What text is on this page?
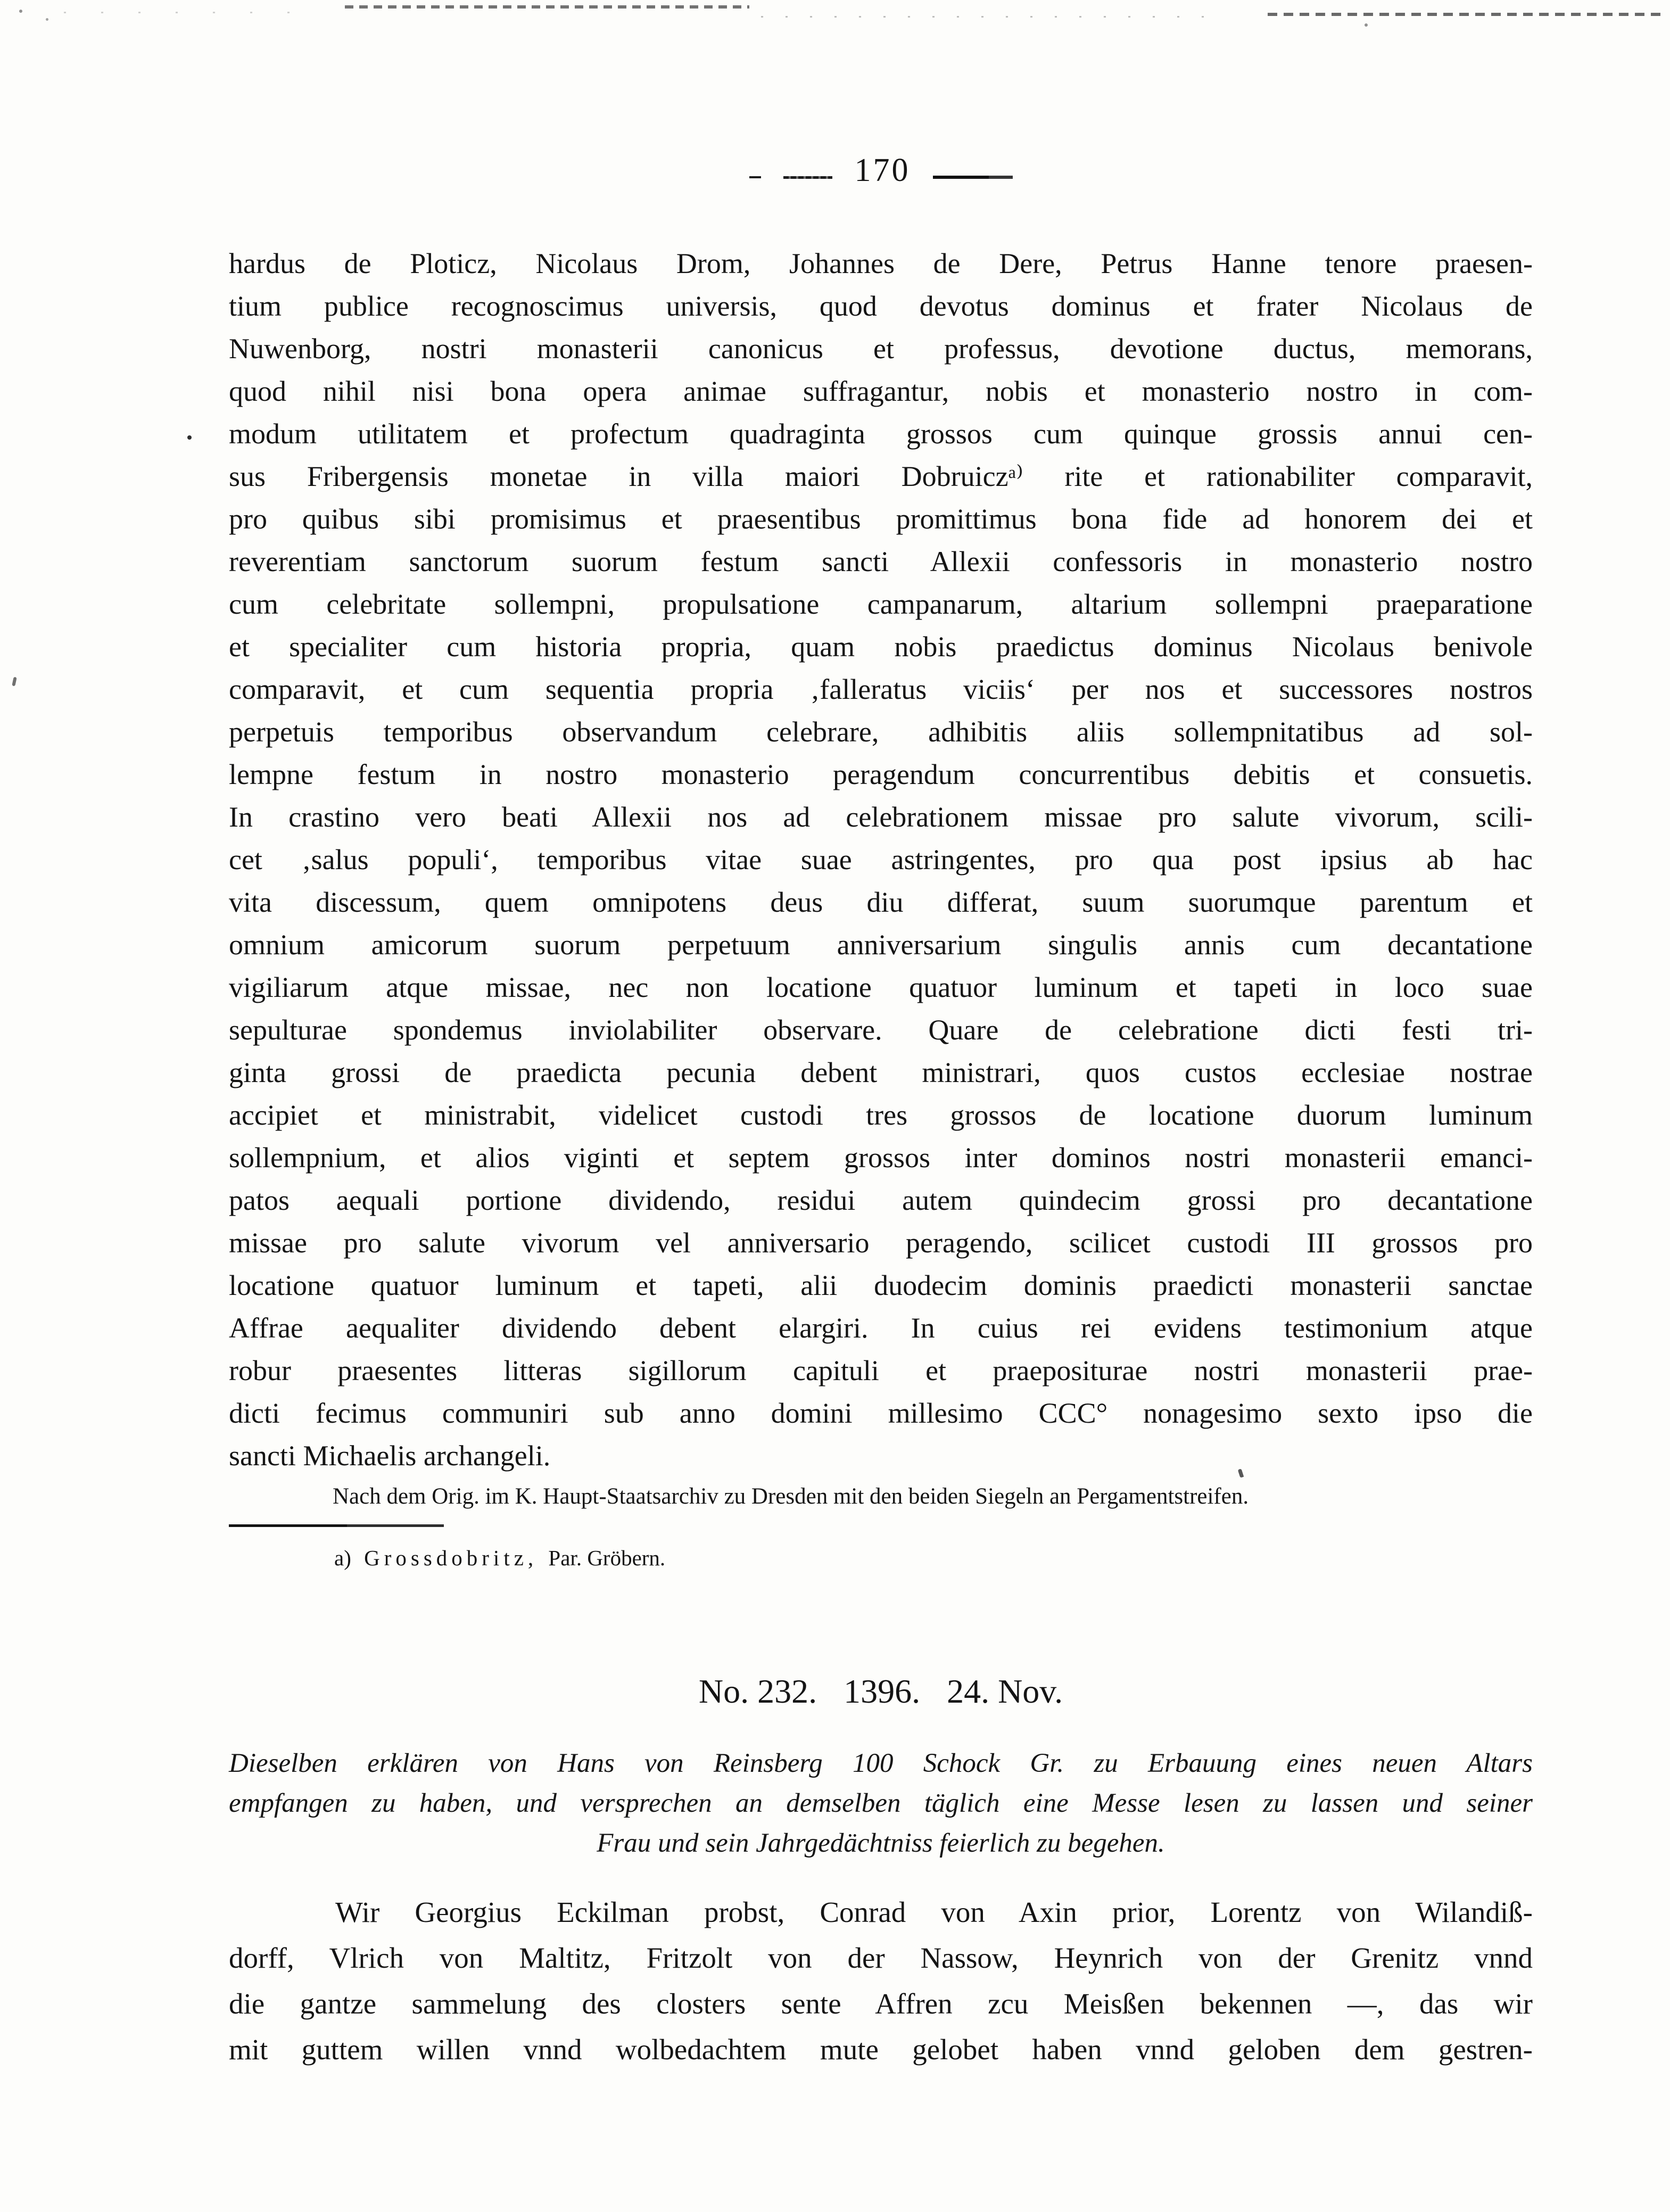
170
hardus de Ploticz, Nicolaus Drom, Johannes de Dere, Petrus Hanne tenore praesen-
tium publice recognoscimus universis, quod devotus dominus et frater Nicolaus de
Nuwenborg, nostri monasterii canonicus et professus, devotione ductus, memorans,
quod nihil nisi bona opera animae suffragantur, nobis et monasterio nostro in com-
modum utilitatem et profectum quadraginta grossos cum quinque grossis annui cen-
sus Fribergensis monetae in villa maiori Dobruiczᵃ⁾ rite et rationabiliter comparavit,
pro quibus sibi promisimus et praesentibus promittimus bona fide ad honorem dei et
reverentiam sanctorum suorum festum sancti Allexii confessoris in monasterio nostro
cum celebritate sollempni, propulsatione campanarum, altarium sollempni praeparatione
et specialiter cum historia propria, quam nobis praedictus dominus Nicolaus benivole
comparavit, et cum sequentia propria ‚falleratus viciis‘ per nos et successores nostros
perpetuis temporibus observandum celebrare, adhibitis aliis sollempnitatibus ad sol-
lempne festum in nostro monasterio peragendum concurrentibus debitis et consuetis.
In crastino vero beati Allexii nos ad celebrationem missae pro salute vivorum, scili-
cet ‚salus populi‘, temporibus vitae suae astringentes, pro qua post ipsius ab hac
vita discessum, quem omnipotens deus diu differat, suum suorumque parentum et
omnium amicorum suorum perpetuum anniversarium singulis annis cum decantatione
vigiliarum atque missae, nec non locatione quatuor luminum et tapeti in loco suae
sepulturae spondemus inviolabiliter observare. Quare de celebratione dicti festi tri-
ginta grossi de praedicta pecunia debent ministrari, quos custos ecclesiae nostrae
accipiet et ministrabit, videlicet custodi tres grossos de locatione duorum luminum
sollempnium, et alios viginti et septem grossos inter dominos nostri monasterii emanci-
patos aequali portione dividendo, residui autem quindecim grossi pro decantatione
missae pro salute vivorum vel anniversario peragendo, scilicet custodi III grossos pro
locatione quatuor luminum et tapeti, alii duodecim dominis praedicti monasterii sanctae
Affrae aequaliter dividendo debent elargiri. In cuius rei evidens testimonium atque
robur praesentes litteras sigillorum capituli et praepositurae nostri monasterii prae-
dicti fecimus communiri sub anno domini millesimo CCC° nonagesimo sexto ipso die
sancti Michaelis archangeli.
Nach dem Orig. im K. Haupt-Staatsarchiv zu Dresden mit den beiden Siegeln an Pergamentstreifen.
a) Grossdobritz, Par. Gröbern.
No. 232. 1396. 24. Nov.
Dieselben erklären von Hans von Reinsberg 100 Schock Gr. zu Erbauung eines neuen Altars
empfangen zu haben, und versprechen an demselben täglich eine Messe lesen zu lassen und seiner
Frau und sein Jahrgedächtniss feierlich zu begehen.
Wir Georgius Eckilman probst, Conrad von Axin prior, Lorentz von Wilandiß-
dorff, Vlrich von Maltitz, Fritzolt von der Nassow, Heynrich von der Grenitz vnnd
die gantze sammelung des closters sente Affren zcu Meisßen bekennen —, das wir
mit guttem willen vnnd wolbedachtem mute gelobet haben vnnd geloben dem gestren-
